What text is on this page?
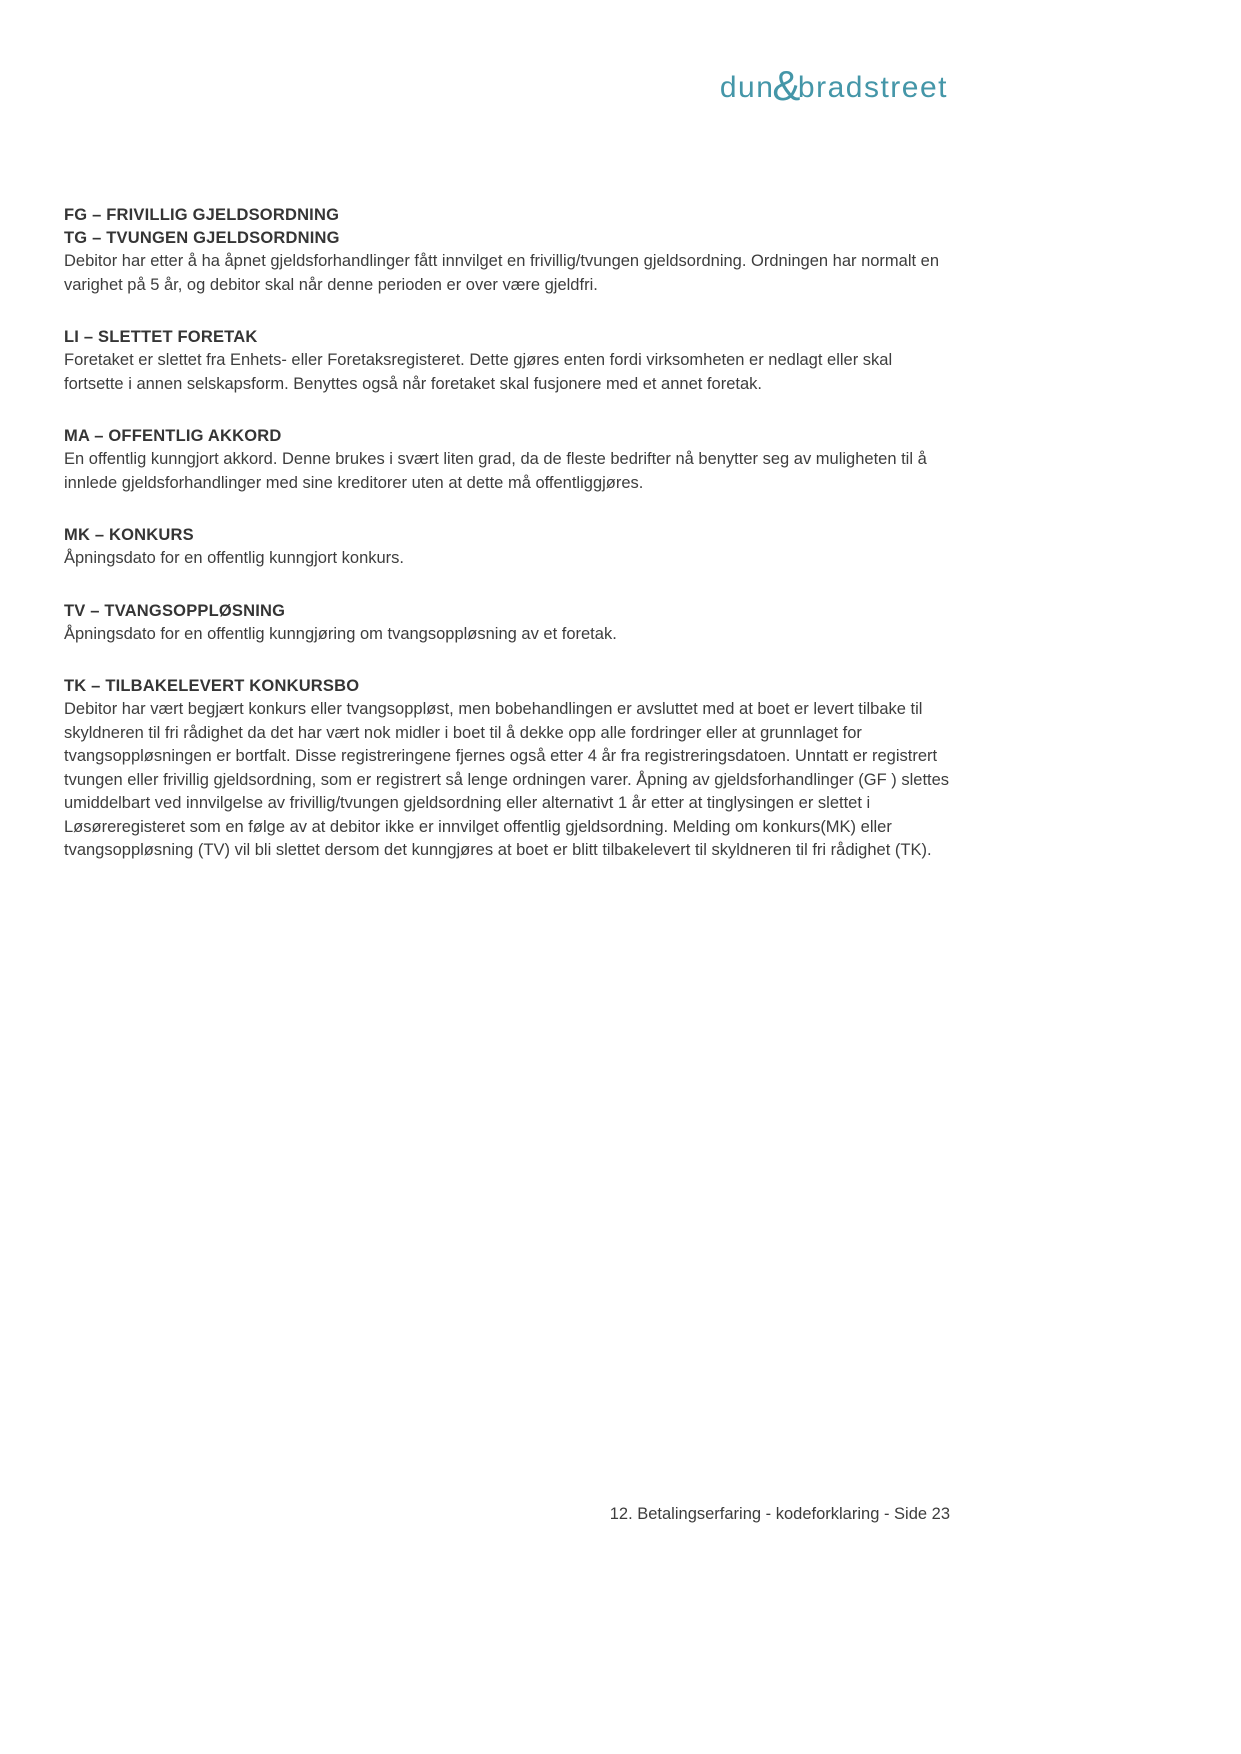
dun
&
bradstreet
FG – FRIVILLIG GJELDSORDNING
TG – TVUNGEN GJELDSORDNING

Debitor har etter å ha åpnet gjeldsforhandlinger fått innvilget en frivillig/tvungen gjeldsordning. Ordningen har normalt en varighet på 5 år, og debitor skal når denne perioden er over være gjeldfri.

LI – SLETTET FORETAK

Foretaket er slettet fra Enhets- eller Foretaksregisteret. Dette gjøres enten fordi virksomheten er nedlagt eller skal fortsette i annen selskapsform. Benyttes også når foretaket skal fusjonere med et annet foretak.

MA – OFFENTLIG AKKORD

En offentlig kunngjort akkord. Denne brukes i svært liten grad, da de fleste bedrifter nå benytter seg av muligheten til å innlede gjeldsforhandlinger med sine kreditorer uten at dette må offentliggjøres.

MK – KONKURS

Åpningsdato for en offentlig kunngjort konkurs.

TV – TVANGSOPPLØSNING

Åpningsdato for en offentlig kunngjøring om tvangsoppløsning av et foretak.

TK – TILBAKELEVERT KONKURSBO

Debitor har vært begjært konkurs eller tvangsoppløst, men bobehandlingen er avsluttet med at boet er levert tilbake til skyldneren til fri rådighet da det har vært nok midler i boet til å dekke opp alle fordringer eller at grunnlaget for tvangsoppløsningen er bortfalt. Disse registreringene fjernes også etter 4 år fra registreringsdatoen. Unntatt er registrert tvungen eller frivillig gjeldsordning, som er registrert så lenge ordningen varer. Åpning av gjeldsforhandlinger (GF ) slettes umiddelbart ved innvilgelse av frivillig/tvungen gjeldsordning eller alternativt 1 år etter at tinglysingen er slettet i Løsøreregisteret som en følge av at debitor ikke er innvilget offentlig gjeldsordning. Melding om konkurs(MK) eller tvangsoppløsning (TV) vil bli slettet dersom det kunngjøres at boet er blitt tilbakelevert til skyldneren til fri rådighet (TK).

12. Betalingserfaring - kodeforklaring - Side 23
